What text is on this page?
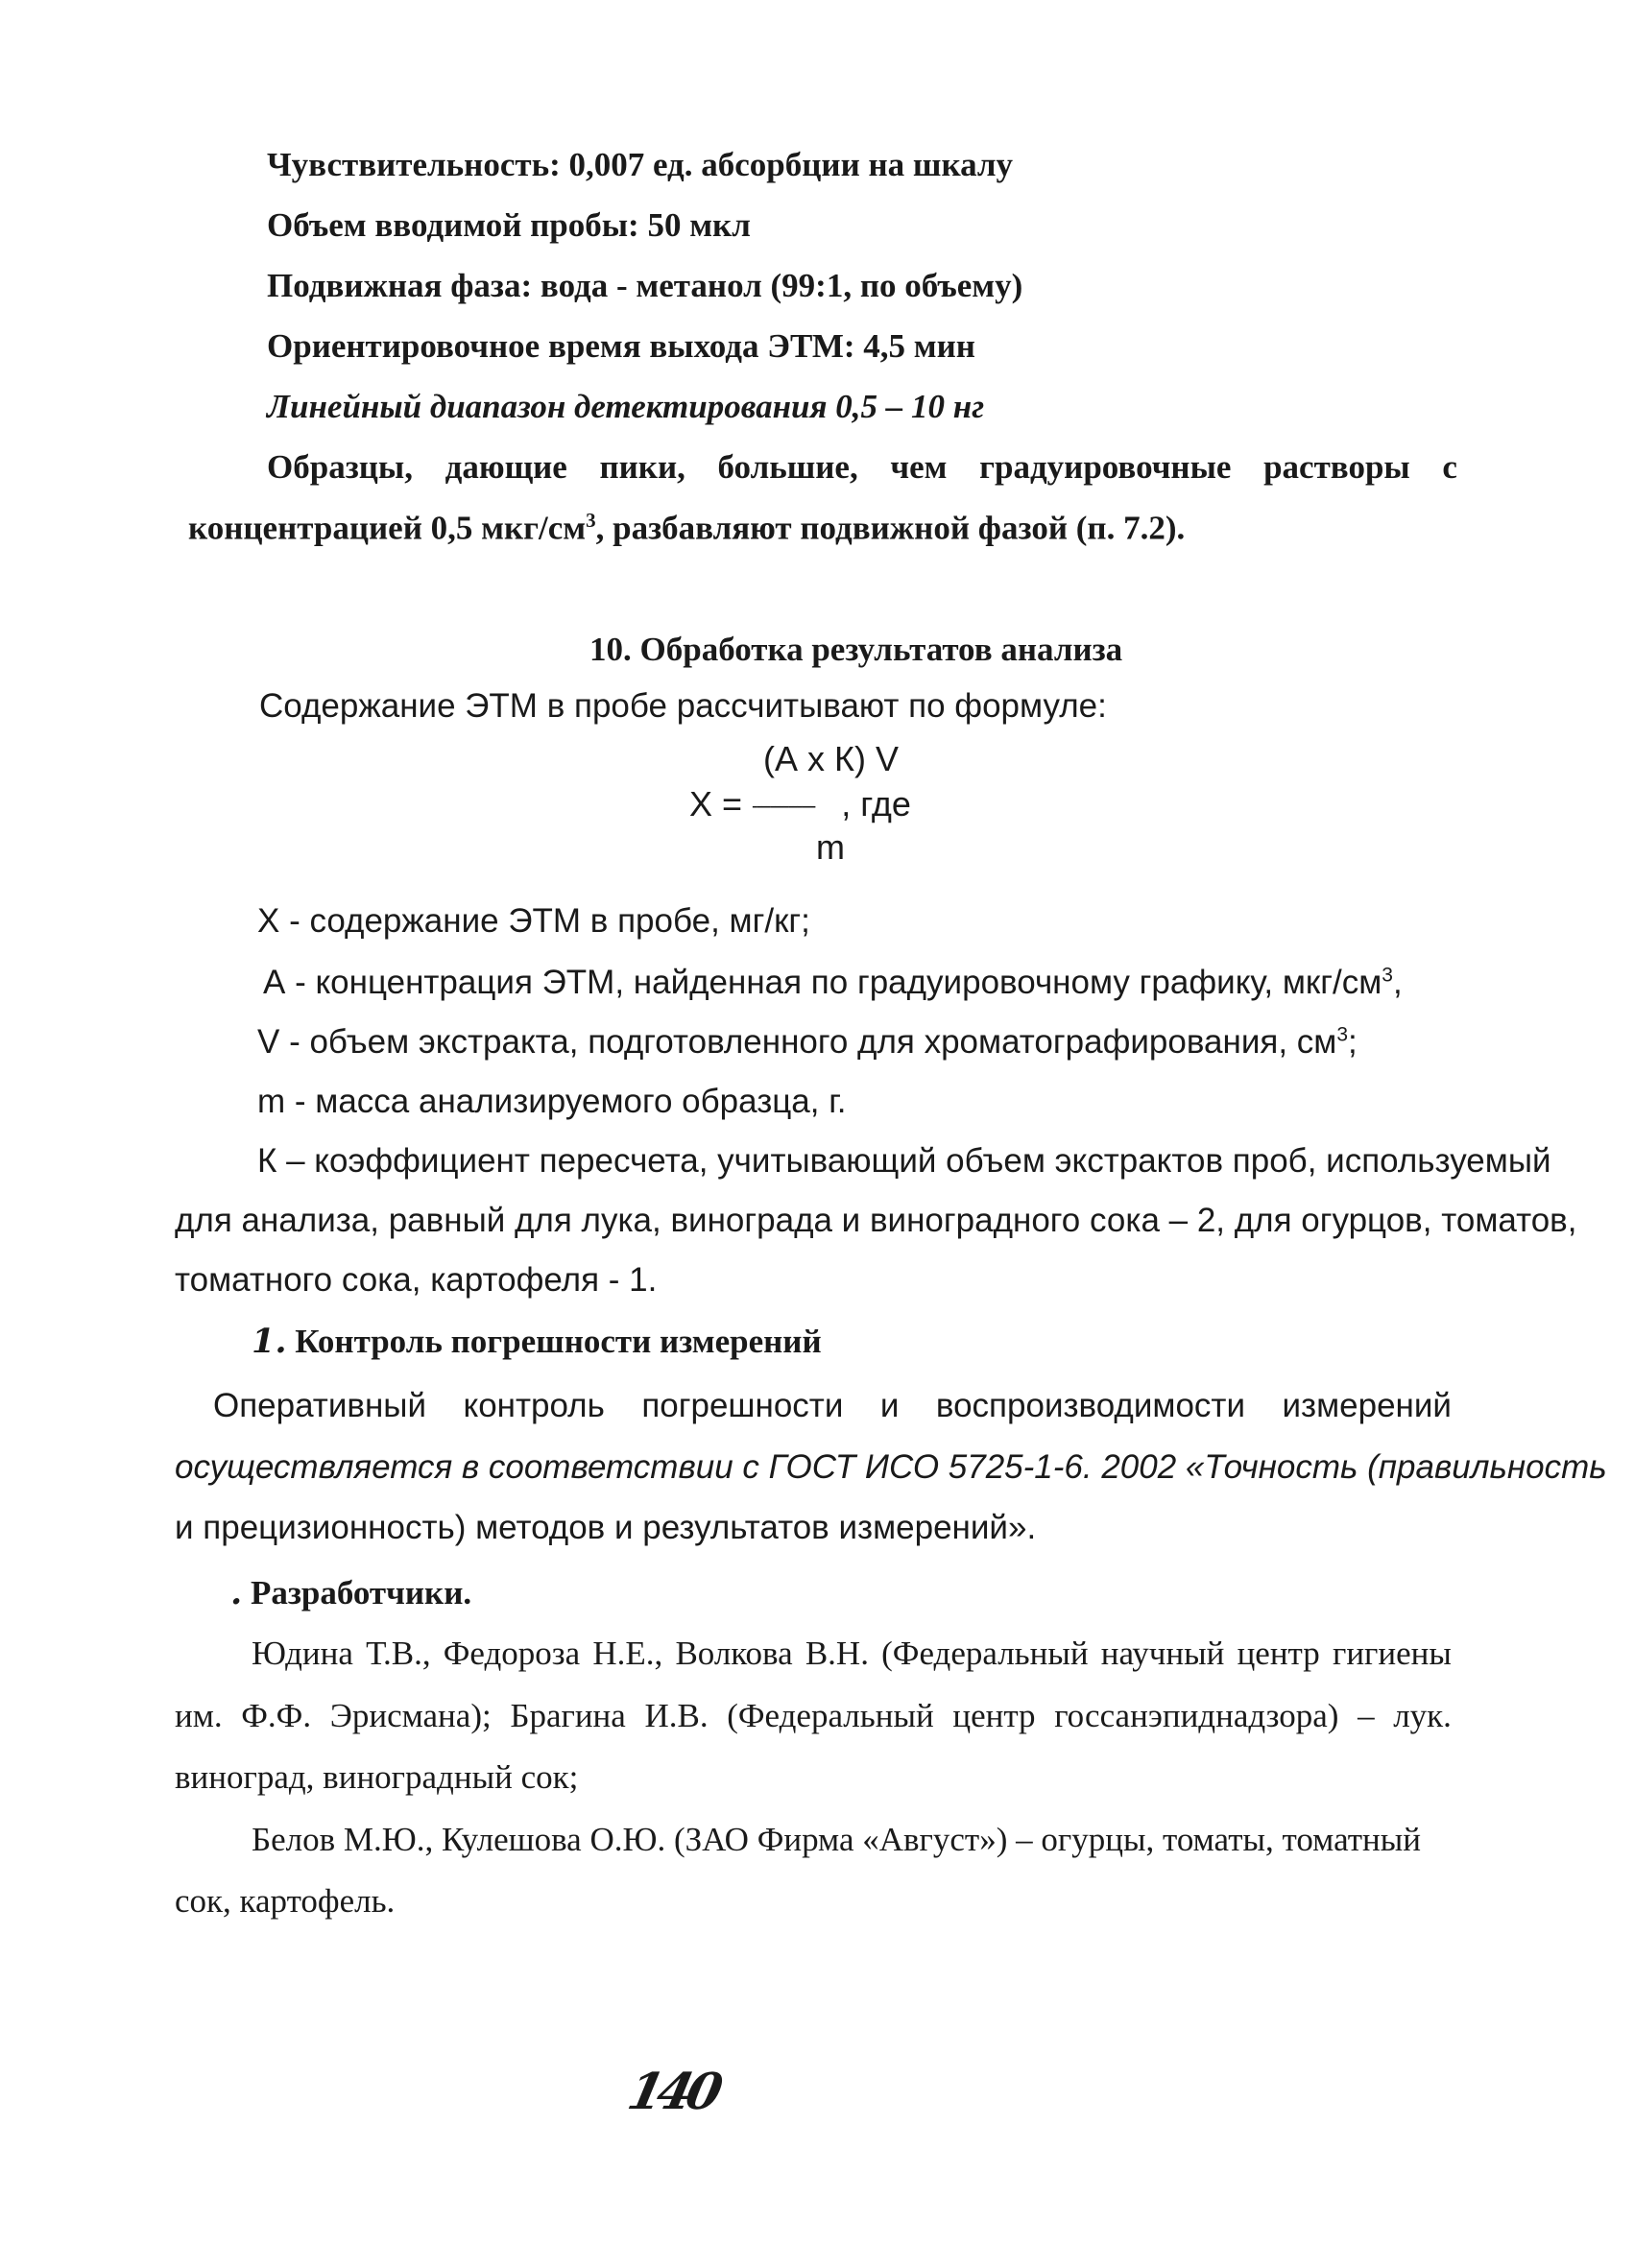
Чувствительность: 0,007 ед. абсорбции на шкалу
Объем вводимой пробы: 50 мкл
Подвижная фаза: вода - метанол (99:1, по объему)
Ориентировочное время выхода ЭТМ: 4,5 мин
Линейный диапазон детектирования 0,5 – 10 нг
Образцы, дающие пики, большие, чем градуировочные растворы с
концентрацией 0,5 мкг/$см^3$, разбавляют подвижной фазой (п. 7.2).
10. Обработка результатов анализа
Содержание ЭТМ в пробе рассчитывают по формуле:
(А х К) V
Х = -------------- , где
m
Х - содержание ЭТМ в пробе, мг/кг;
А - концентрация ЭТМ, найденная по градуировочному графику, мкг/$см^3$,
V - объем экстракта, подготовленного для хроматографирования, $см^3$;
m - масса анализируемого образца, г.
К – коэффициент пересчета, учитывающий объем экстрактов проб, используемый
для анализа, равный для лука, винограда и виноградного сока – 2, для огурцов, томатов,
томатного сока, картофеля - 1.
1. Контроль погрешности измерений
Оперативный контроль погрешности и воспроизводимости измерений
осуществляется в соответствии с ГОСТ ИСО 5725-1-6. 2002 «Точность (правильность
и прецизионность) методов и результатов измерений».
. Разработчики.
Юдина Т.В., Федороза Н.Е., Волкова В.Н. (Федеральный научный центр гигиены
им. Ф.Ф. Эрисмана); Брагина И.В. (Федеральный центр госсанэпиднадзора) – лук.
виноград, виноградный сок;
Белов М.Ю., Кулешова О.Ю. (ЗАО Фирма «Август») – огурцы, томаты, томатный
сок, картофель.
140
